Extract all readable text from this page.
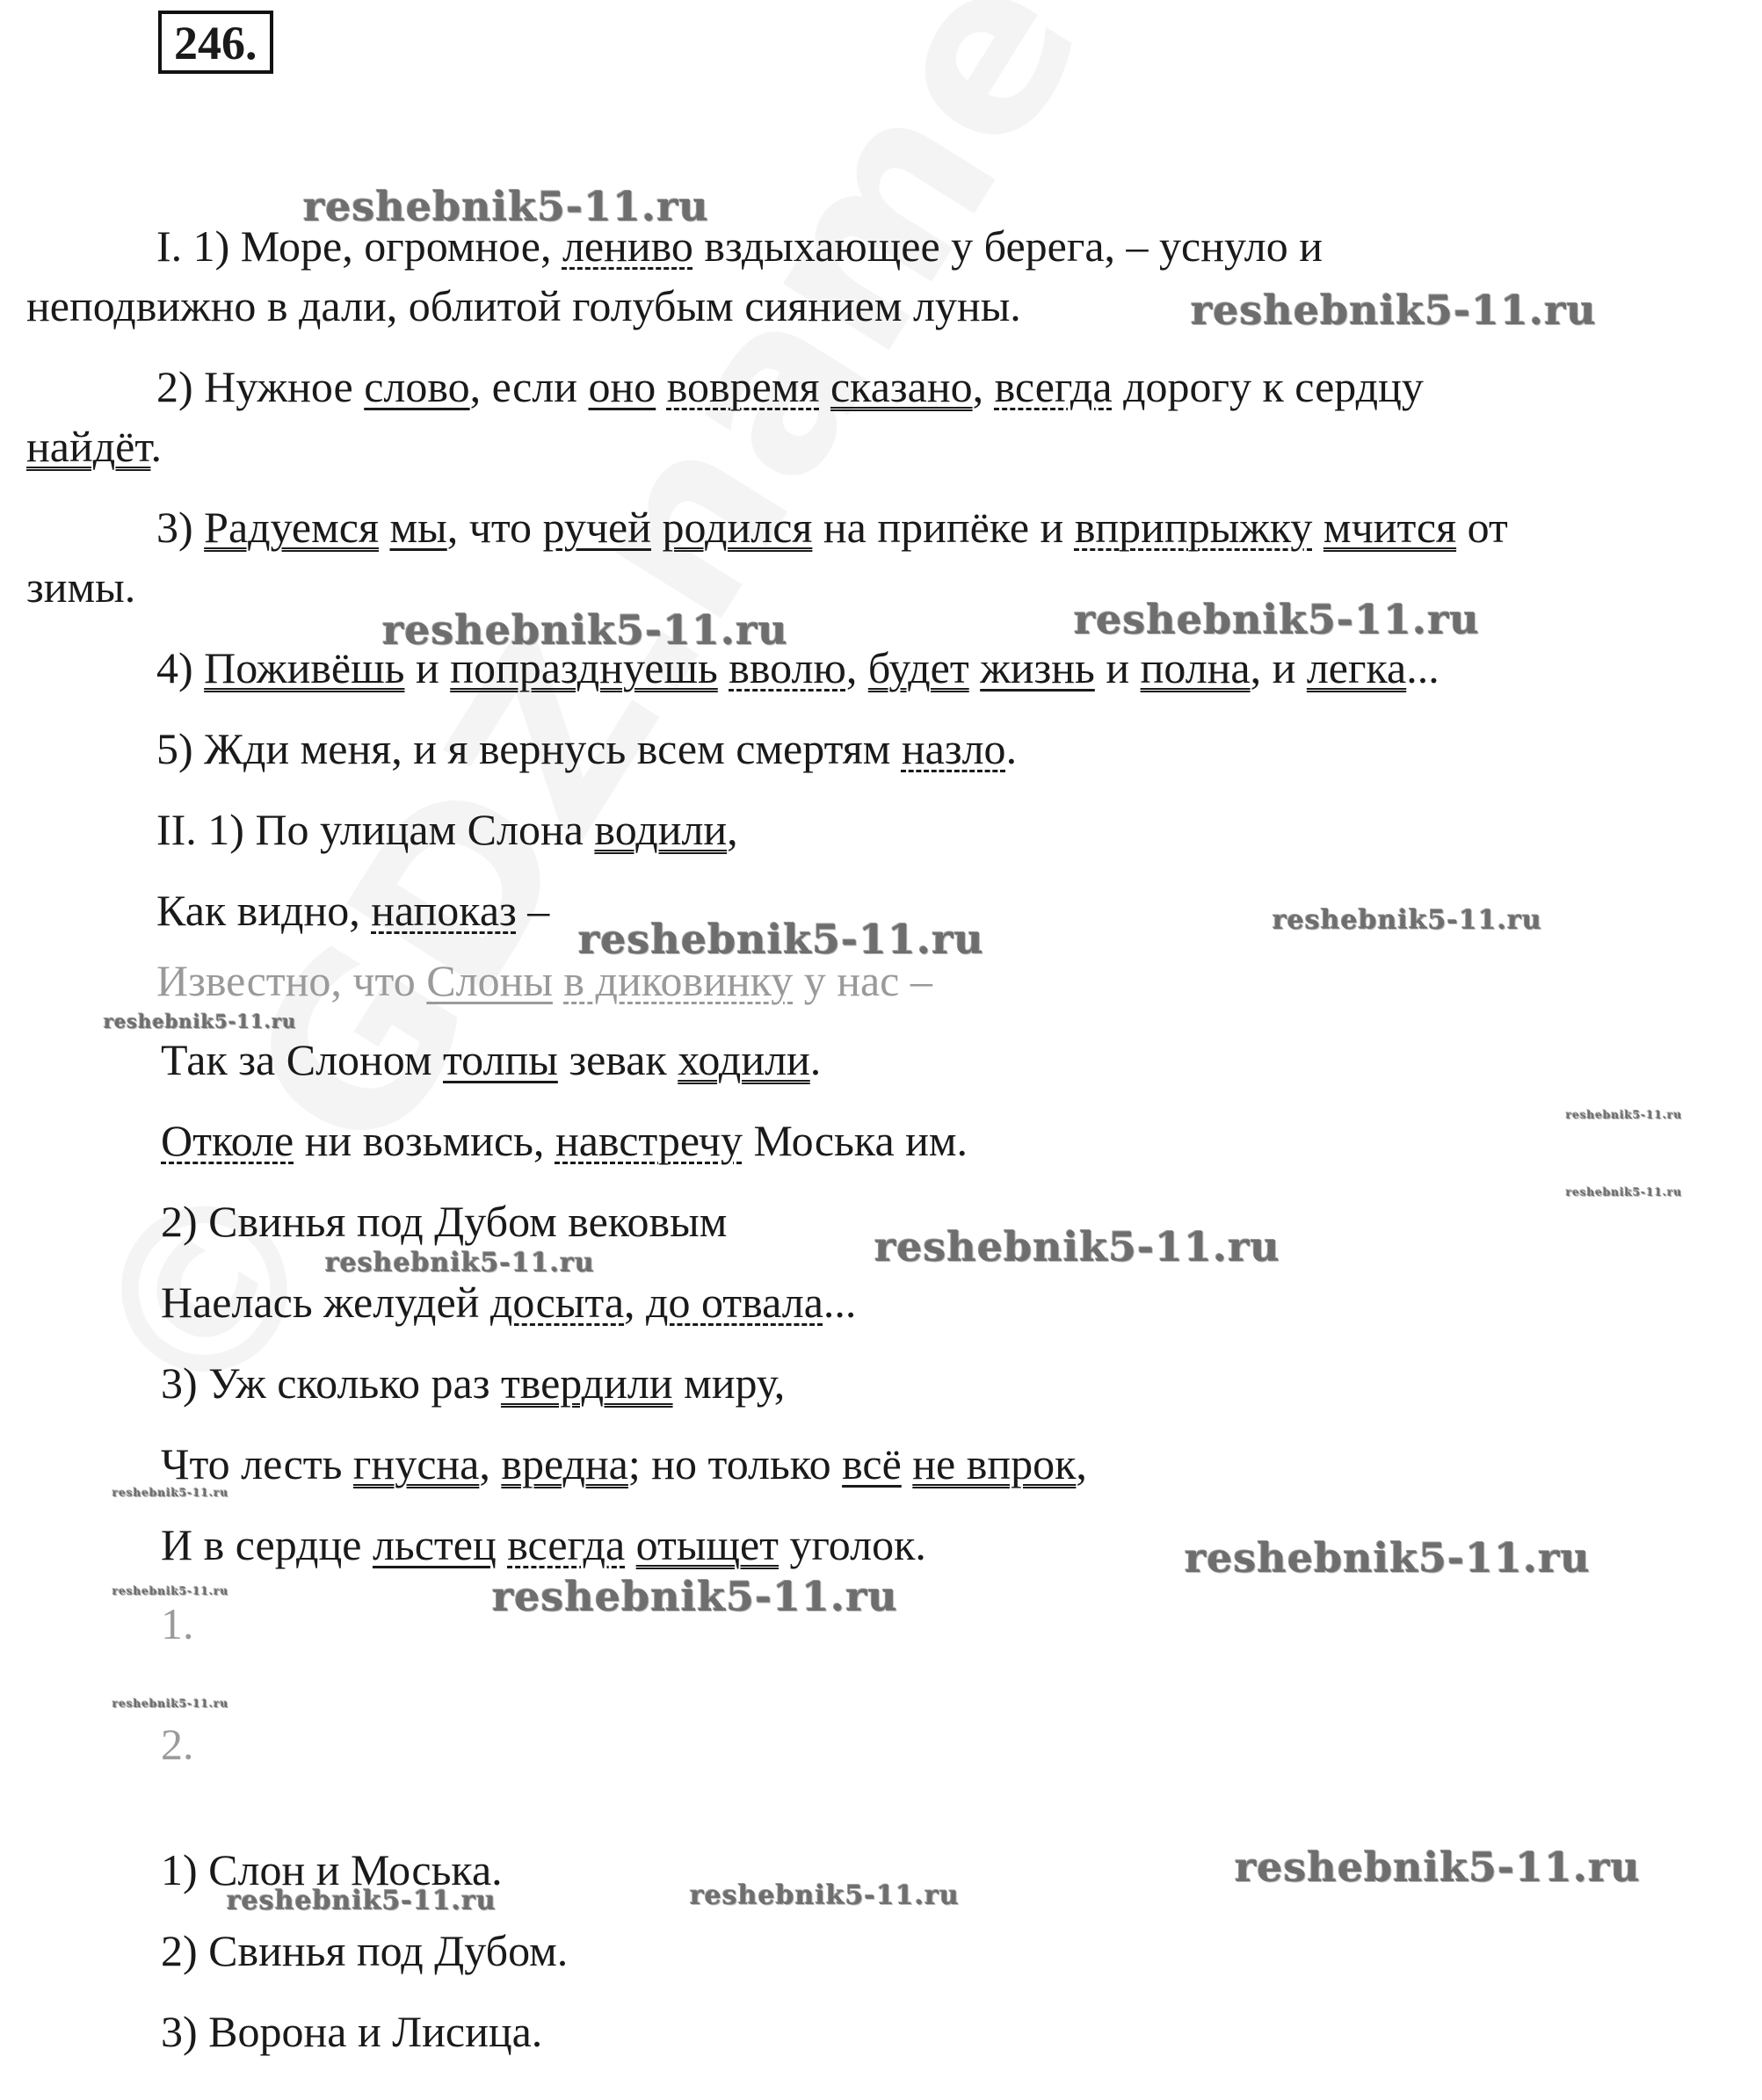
246.
I. 1) Море, огромное, лениво вздыхающее у берега, – уснуло и
неподвижно в дали, облитой голубым сиянием луны.
2) Нужное слово, если оно вовремя сказано, всегда дорогу к сердцу
найдёт.
3) Радуемся мы, что ручей родился на припёке и вприпрыжку мчится от
зимы.
4) Поживёшь и попразднуешь вволю, будет жизнь и полна, и легка...
5) Жди меня, и я вернусь всем смертям назло.
II. 1) По улицам Слона водили,
Как видно, напоказ –
Известно, что Слоны в диковинку у нас –
Так за Слоном толпы зевак ходили.
Отколе ни возьмись, навстречу Моська им.
2) Свинья под Дубом вековым
Наелась желудей досыта, до отвала...
3) Уж сколько раз твердили миру,
Что лесть гнусна, вредна; но только всё не впрок,
И в сердце льстец всегда отыщет уголок.
1.
2.
1) Слон и Моська.
2) Свинья под Дубом.
3) Ворона и Лисица.
reshebnik5-11.ru
reshebnik5-11.ru
reshebnik5-11.ru	reshebnik5-11.ru
reshebnik5-11.ru	reshebnik5-11.ru
reshebnik5-11.ru
reshebnik5-11.ru
reshebnik5-11.ru
reshebnik5-11.ru
reshebnik5-11.ru
reshebnik5-11.ru
reshebnik5-11.ru
reshebnik5-11.ru
reshebnik5-11.ru
reshebnik5-11.ru
reshebnik5-11.ru
reshebnik5-11.ru	reshebnik5-11.ru
